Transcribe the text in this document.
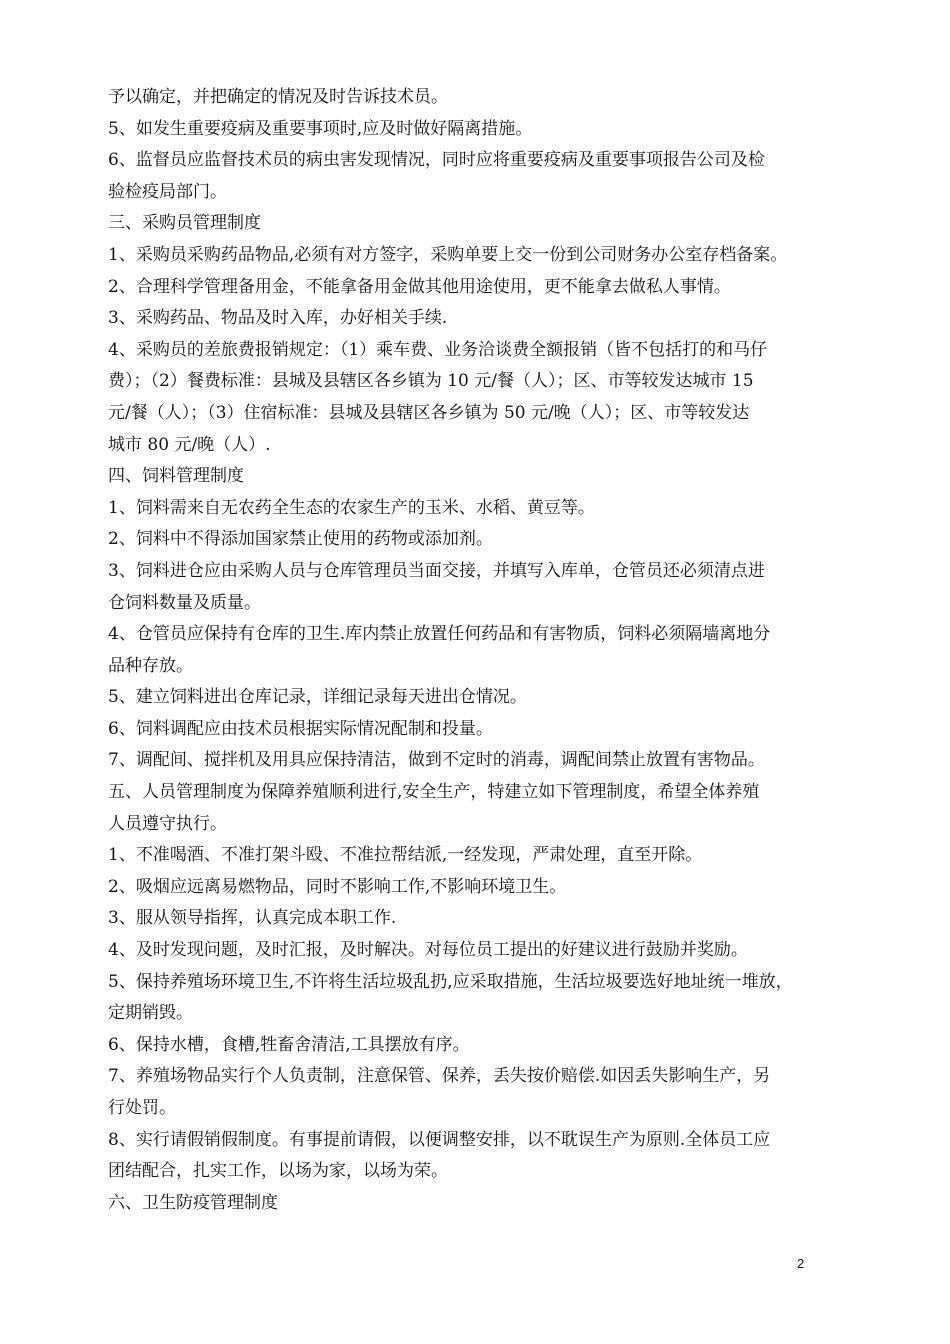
予以确定，并把确定的情况及时告诉技术员。
5、如发生重要疫病及重要事项时,应及时做好隔离措施。
6、监督员应监督技术员的病虫害发现情况，同时应将重要疫病及重要事项报告公司及检
验检疫局部门。
三、采购员管理制度
1、采购员采购药品物品,必须有对方签字，采购单要上交一份到公司财务办公室存档备案。
2、合理科学管理备用金，不能拿备用金做其他用途使用，更不能拿去做私人事情。
3、采购药品、物品及时入库，办好相关手续.
4、采购员的差旅费报销规定：（1）乘车费、业务洽谈费全额报销（皆不包括打的和马仔
费）；（2）餐费标准：县城及县辖区各乡镇为 10 元/餐（人）；区、市等较发达城市 15
元/餐（人）；（3）住宿标准：县城及县辖区各乡镇为 50 元/晚（人）；区、市等较发达
城市 80 元/晚（人）.
四、饲料管理制度
1、饲料需来自无农药全生态的农家生产的玉米、水稻、黄豆等。
2、饲料中不得添加国家禁止使用的药物或添加剂。
3、饲料进仓应由采购人员与仓库管理员当面交接，并填写入库单，仓管员还必须清点进
仓饲料数量及质量。
4、仓管员应保持有仓库的卫生.库内禁止放置任何药品和有害物质，饲料必须隔墙离地分
品种存放。
5、建立饲料进出仓库记录，详细记录每天进出仓情况。
6、饲料调配应由技术员根据实际情况配制和投量。
7、调配间、搅拌机及用具应保持清洁，做到不定时的消毒，调配间禁止放置有害物品。
五、人员管理制度为保障养殖顺利进行,安全生产，特建立如下管理制度，希望全体养殖
人员遵守执行。
1、不准喝酒、不准打架斗殴、不准拉帮结派,一经发现，严肃处理，直至开除。
2、吸烟应远离易燃物品，同时不影响工作,不影响环境卫生。
3、服从领导指挥，认真完成本职工作.
4、及时发现问题，及时汇报，及时解决。对每位员工提出的好建议进行鼓励并奖励。
5、保持养殖场环境卫生,不许将生活垃圾乱扔,应采取措施，生活垃圾要选好地址统一堆放，
定期销毁。
6、保持水槽，食槽,牲畜舍清洁,工具摆放有序。
7、养殖场物品实行个人负责制，注意保管、保养，丢失按价赔偿.如因丢失影响生产，另
行处罚。
8、实行请假销假制度。有事提前请假，以便调整安排，以不耽误生产为原则.全体员工应
团结配合，扎实工作，以场为家，以场为荣。
六、卫生防疫管理制度
2
